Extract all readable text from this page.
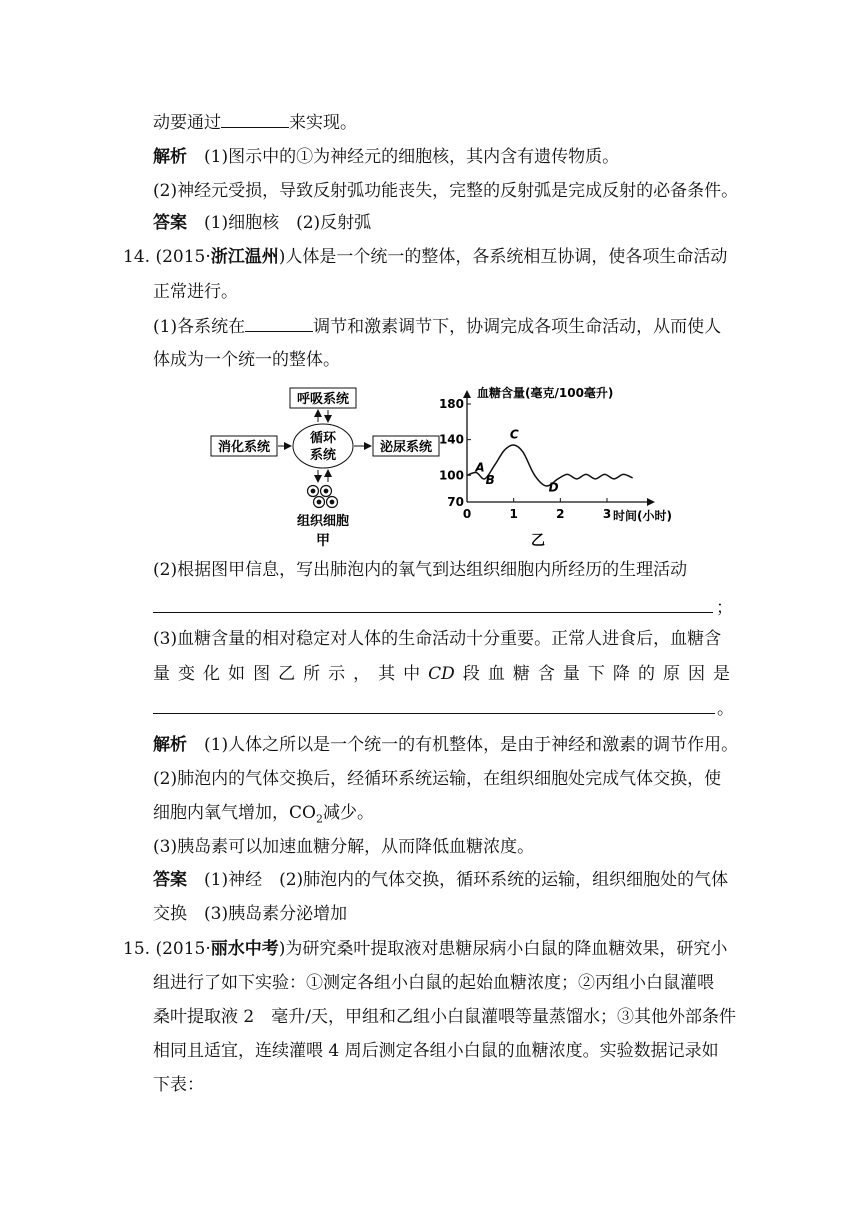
动要通过	来实现。
解析　 (1)图示中的①为神经元的细胞核，其内含有遗传物质。
(2)神经元受损，导致反射弧功能丧失，完整的反射弧是完成反射的必备条件。
答案　 (1)细胞核　(2)反射弧
14. (2015·浙江温州)人体是一个统一的整体，各系统相互协调，使各项生命活动
正常进行。
(1)各系统在	调节和激素调节下，协调完成各项生命活动，从而使人
体成为一个统一的整体。
呼吸系统
消化系统
循环
系统
泌尿系统
组织细胞
甲
180
140
100
70
0	1	2	3
A
B
C
D
血糖含量(毫克/100毫升)
时间(小时)
乙
(2)根据图甲信息，写出肺泡内的氧气到达组织细胞内所经历的生理活动
；
(3)血糖含量的相对稳定对人体的生命活动十分重要。正常人进食后，血糖含
量 变 化 如 图 乙 所 示 ， 其 中 CD 段 血 糖 含 量 下 降 的 原 因 是
。
解析　 (1)人体之所以是一个统一的有机整体，是由于神经和激素的调节作用。
(2)肺泡内的气体交换后，经循环系统运输，在组织细胞处完成气体交换，使
细胞内氧气增加，$CO_2$减少。
(3)胰岛素可以加速血糖分解，从而降低血糖浓度。
答案　 (1)神经　(2)肺泡内的气体交换，循环系统的运输，组织细胞处的气体
交换　(3)胰岛素分泌增加
15. (2015·丽水中考)为研究桑叶提取液对患糖尿病小白鼠的降血糖效果，研究小
组进行了如下实验：①测定各组小白鼠的起始血糖浓度；②丙组小白鼠灌喂
桑叶提取液 2　毫升/天，甲组和乙组小白鼠灌喂等量蒸馏水；③其他外部条件
相同且适宜，连续灌喂 4 周后测定各组小白鼠的血糖浓度。实验数据记录如
下表：
